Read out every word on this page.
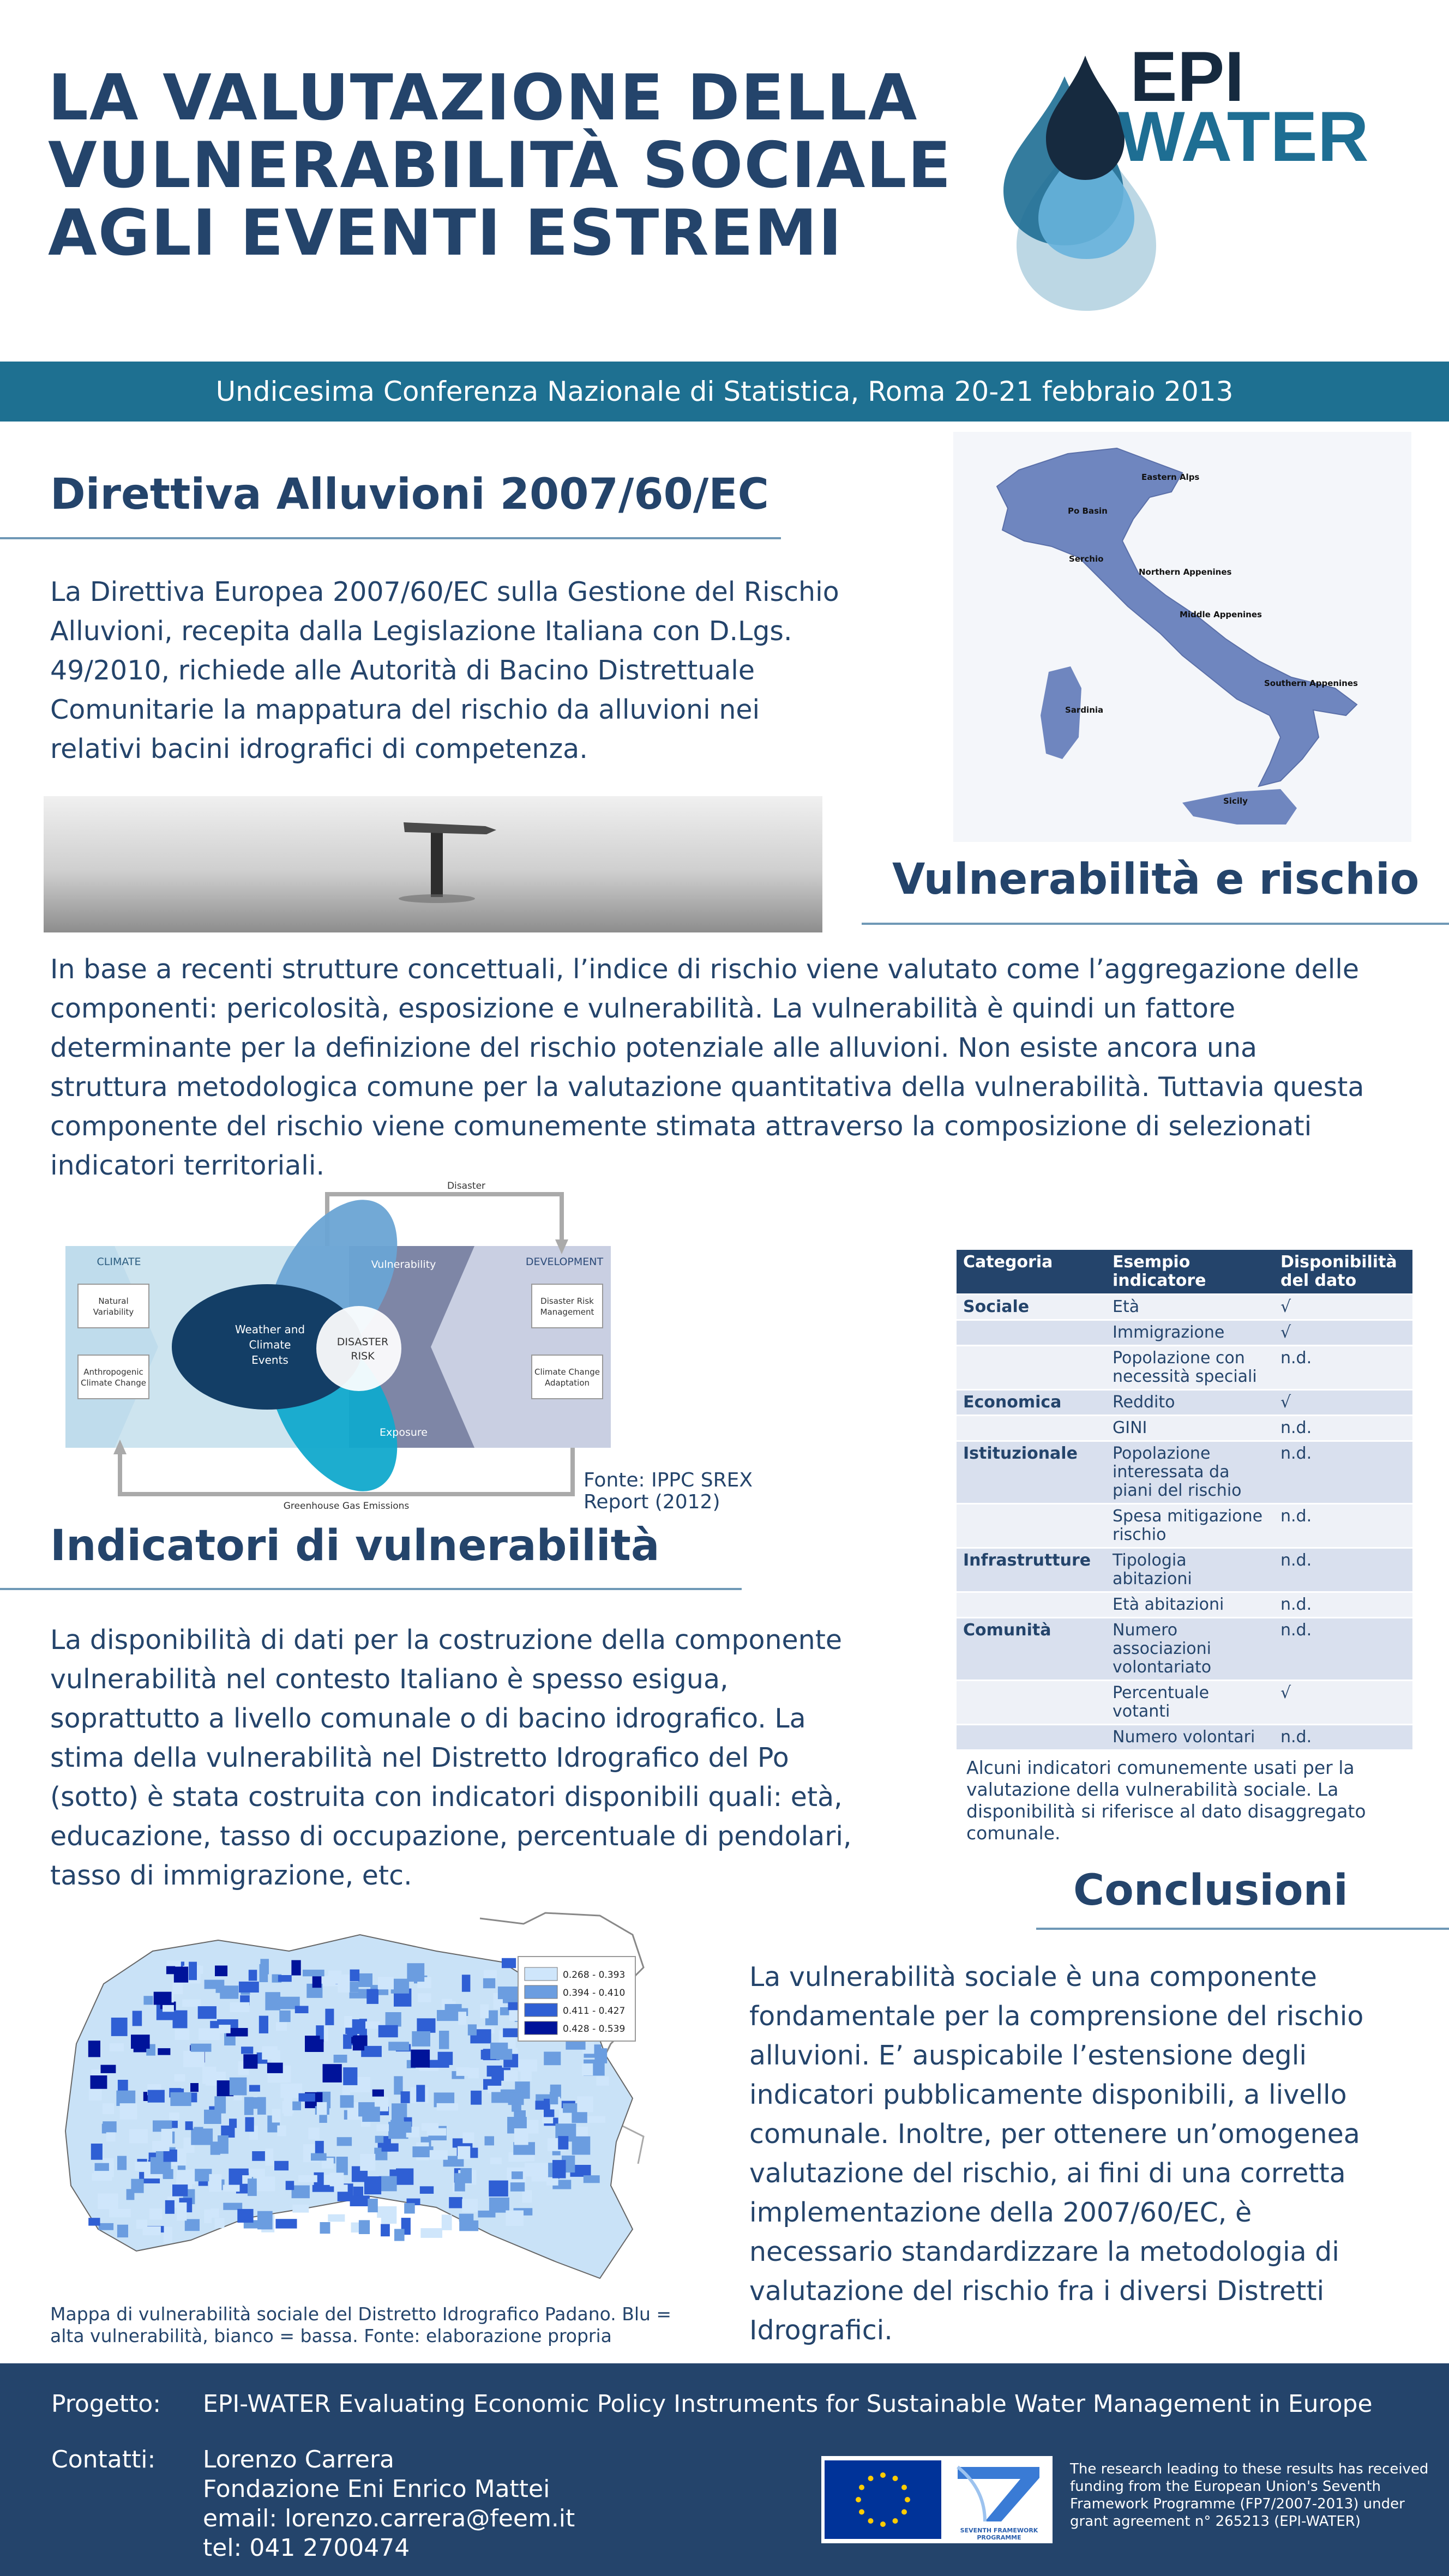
LA VALUTAZIONE DELLA
VULNERABILITÀ SOCIALE
AGLI EVENTI ESTREMI
EPI
WATER
Undicesima Conferenza Nazionale di Statistica, Roma 20-21 febbraio 2013
Direttiva Alluvioni 2007/60/EC
La Direttiva Europea 2007/60/EC sulla Gestione del Rischio
Alluvioni, recepita dalla Legislazione Italiana con D.Lgs.
49/2010, richiede alle Autorità di Bacino Distrettuale
Comunitarie la mappatura del rischio da alluvioni nei
relativi bacini idrografici di competenza.
Eastern Alps
Po Basin
Serchio
Northern Appenines
Middle Appenines
Southern Appenines
Sardinia
Sicily
Vulnerabilità e rischio
In base a recenti strutture concettuali, l’indice di rischio viene valutato come l’aggregazione delle
componenti: pericolosità, esposizione e vulnerabilità. La vulnerabilità è quindi un fattore
determinante per la definizione del rischio potenziale alle alluvioni. Non esiste ancora una
struttura metodologica comune per la valutazione quantitativa della vulnerabilità. Tuttavia questa
componente del rischio viene comunemente stimata attraverso la composizione di selezionati
indicatori territoriali.
Disaster
CLIMATE	DEVELOPMENT
Natural
Variability
Anthropogenic
Climate Change
Weather and
Climate
Events
Vulnerability
Exposure
DISASTER
RISK
Disaster Risk
Management
Climate Change
Adaptation
Greenhouse Gas Emissions
Fonte: IPPC SREX
Report (2012)
Indicatori di vulnerabilità
La disponibilità di dati per la costruzione della componente
vulnerabilità nel contesto Italiano è spesso esigua,
soprattutto a livello comunale o di bacino idrografico. La
stima della vulnerabilità nel Distretto Idrografico del Po
(sotto) è stata costruita con indicatori disponibili quali: età,
educazione, tasso di occupazione, percentuale di pendolari,
tasso di immigrazione, etc.
Categoria	Esempio indicatore	Disponibilità del dato
Sociale	Età	√
	Immigrazione	√
	Popolazione con necessità speciali	n.d.
Economica	Reddito	√
	GINI	n.d.
Istituzionale	Popolazione interessata da piani del rischio	n.d.
	Spesa mitigazione rischio	n.d.
Infrastrutture	Tipologia abitazioni	n.d.
	Età abitazioni	n.d.
Comunità	Numero associazioni volontariato	n.d.
	Percentuale votanti	√
	Numero volontari	n.d.
Alcuni indicatori comunemente usati per la
valutazione della vulnerabilità sociale. La
disponibilità si riferisce al dato disaggregato
comunale.
Conclusioni
La vulnerabilità sociale è una componente
fondamentale per la comprensione del rischio
alluvioni. E’ auspicabile l’estensione degli
indicatori pubblicamente disponibili, a livello
comunale. Inoltre, per ottenere un’omogenea
valutazione del rischio, ai fini di una corretta
implementazione della 2007/60/EC, è
necessario standardizzare la metodologia di
valutazione del rischio fra i diversi Distretti
Idrografici.
0.268 - 0.393
0.394 - 0.410
0.411 - 0.427
0.428 - 0.539
Mappa di vulnerabilità sociale del Distretto Idrografico Padano. Blu =
alta vulnerabilità, bianco = bassa. Fonte: elaborazione propria
Progetto: EPI-WATER Evaluating Economic Policy Instruments for Sustainable Water Management in Europe
Contatti: Lorenzo Carrera
Fondazione Eni Enrico Mattei
email: lorenzo.carrera@feem.it
tel: 041 2700474
SEVENTH FRAMEWORK
PROGRAMME
The research leading to these results has received
funding from the European Union's Seventh
Framework Programme (FP7/2007-2013) under
grant agreement n° 265213 (EPI-WATER)
